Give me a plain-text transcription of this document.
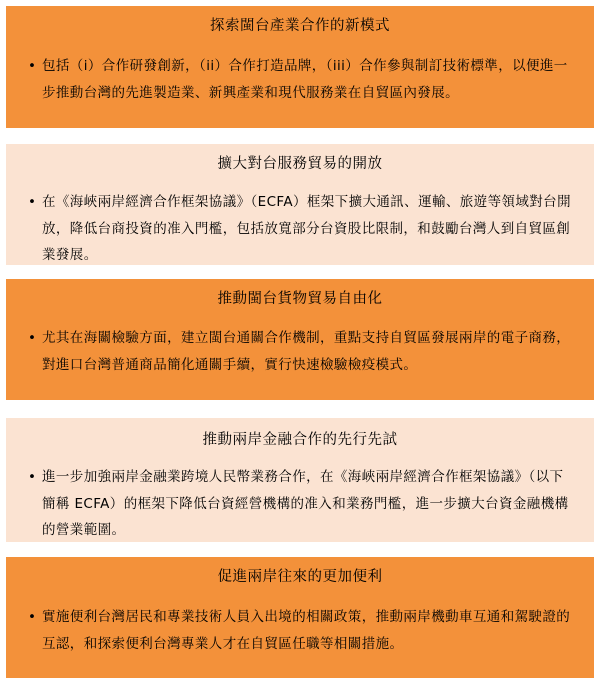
探索閩台產業合作的新模式
• 包括（i）合作研發創新，（ii）合作打造品牌，（iii）合作參與制訂技術標準，以便進一步推動台灣的先進製造業、新興產業和現代服務業在自貿區內發展。
擴大對台服務貿易的開放
• 在《海峽兩岸經濟合作框架協議》（ECFA）框架下擴大通訊、運輸、旅遊等領域對台開放，降低台商投資的准入門檻，包括放寬部分台資股比限制，和鼓勵台灣人到自貿區創業發展。
推動閩台貨物貿易自由化
• 尤其在海關檢驗方面，建立閩台通關合作機制，重點支持自貿區發展兩岸的電子商務，對進口台灣普通商品簡化通關手續，實行快速檢驗檢疫模式。
推動兩岸金融合作的先行先試
• 進一步加強兩岸金融業跨境人民幣業務合作，在《海峽兩岸經濟合作框架協議》（以下簡稱 ECFA）的框架下降低台資經營機構的准入和業務門檻，進一步擴大台資金融機構的營業範圍。
促進兩岸往來的更加便利
• 實施便利台灣居民和專業技術人員入出境的相關政策，推動兩岸機動車互通和駕駛證的互認，和探索便利台灣專業人才在自貿區任職等相關措施。
